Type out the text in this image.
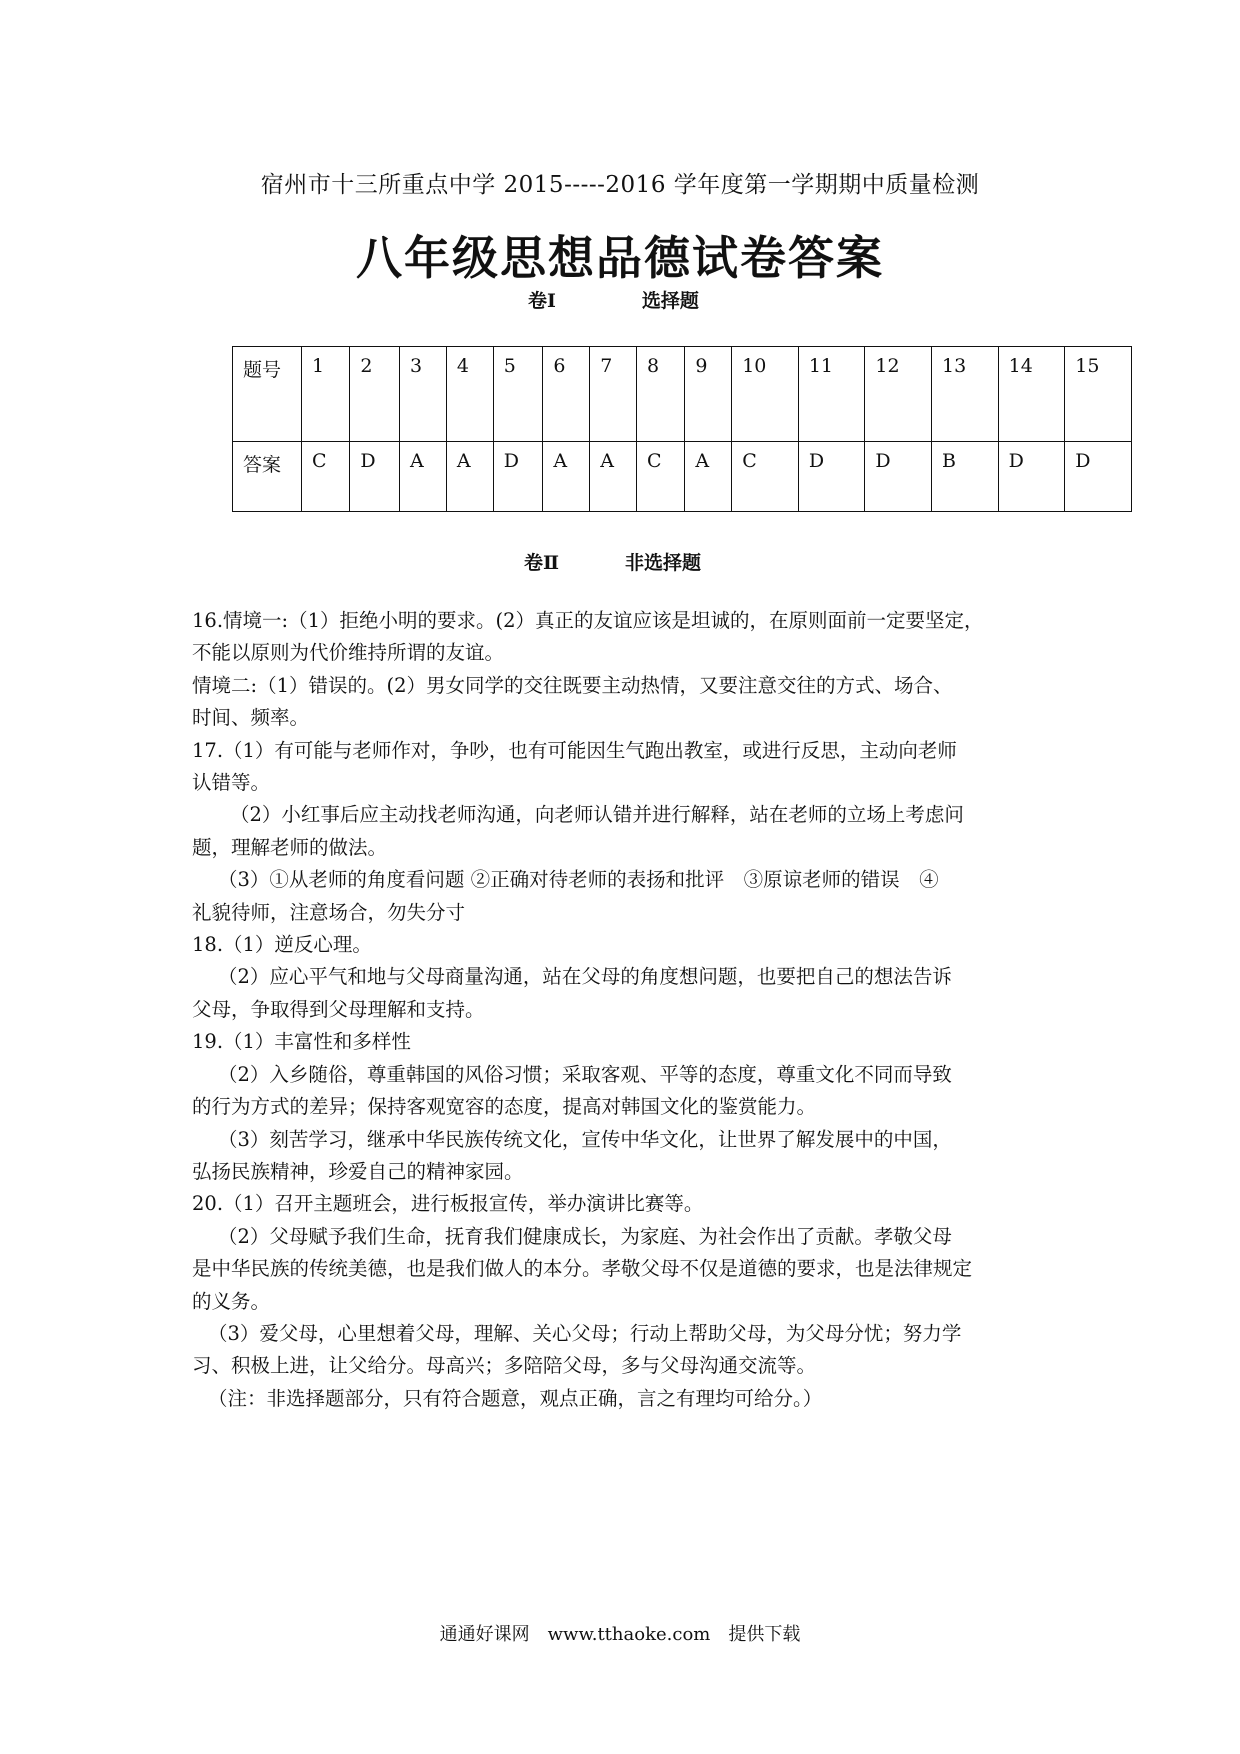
宿州市十三所重点中学 2015-----2016 学年度第一学期期中质量检测
八年级思想品德试卷答案
卷Ⅰ	选择题
题号	1	2	3	4	5	6	7	8	9	10	11	12	13	14	15
答案	C	D	A	A	D	A	A	C	A	C	D	D	B	D	D
卷Ⅱ	非选择题

16.情境一:（1）拒绝小明的要求。(2）真正的友谊应该是坦诚的，在原则面前一定要坚定，

不能以原则为代价维持所谓的友谊。

情境二:（1）错误的。(2）男女同学的交往既要主动热情，又要注意交往的方式、场合、

时间、频率。

17.（1）有可能与老师作对，争吵，也有可能因生气跑出教室，或进行反思，主动向老师

认错等。

（2）小红事后应主动找老师沟通，向老师认错并进行解释，站在老师的立场上考虑问

题，理解老师的做法。

（3）①从老师的角度看问题 ②正确对待老师的表扬和批评　③原谅老师的错误　④

礼貌待师，注意场合，勿失分寸

18.（1）逆反心理。

（2）应心平气和地与父母商量沟通，站在父母的角度想问题，也要把自己的想法告诉

父母，争取得到父母理解和支持。

19.（1）丰富性和多样性

（2）入乡随俗，尊重韩国的风俗习惯；采取客观、平等的态度，尊重文化不同而导致

的行为方式的差异；保持客观宽容的态度，提高对韩国文化的鉴赏能力。

（3）刻苦学习，继承中华民族传统文化，宣传中华文化，让世界了解发展中的中国，

弘扬民族精神，珍爱自己的精神家园。

20.（1）召开主题班会，进行板报宣传，举办演讲比赛等。

（2）父母赋予我们生命，抚育我们健康成长，为家庭、为社会作出了贡献。孝敬父母

是中华民族的传统美德，也是我们做人的本分。孝敬父母不仅是道德的要求，也是法律规定

的义务。

（3）爱父母，心里想着父母，理解、关心父母；行动上帮助父母，为父母分忧；努力学

习、积极上进，让父给分。母高兴；多陪陪父母，多与父母沟通交流等。

（注：非选择题部分，只有符合题意，观点正确，言之有理均可给分。）

通通好课网　www.tthaoke.com　提供下载
